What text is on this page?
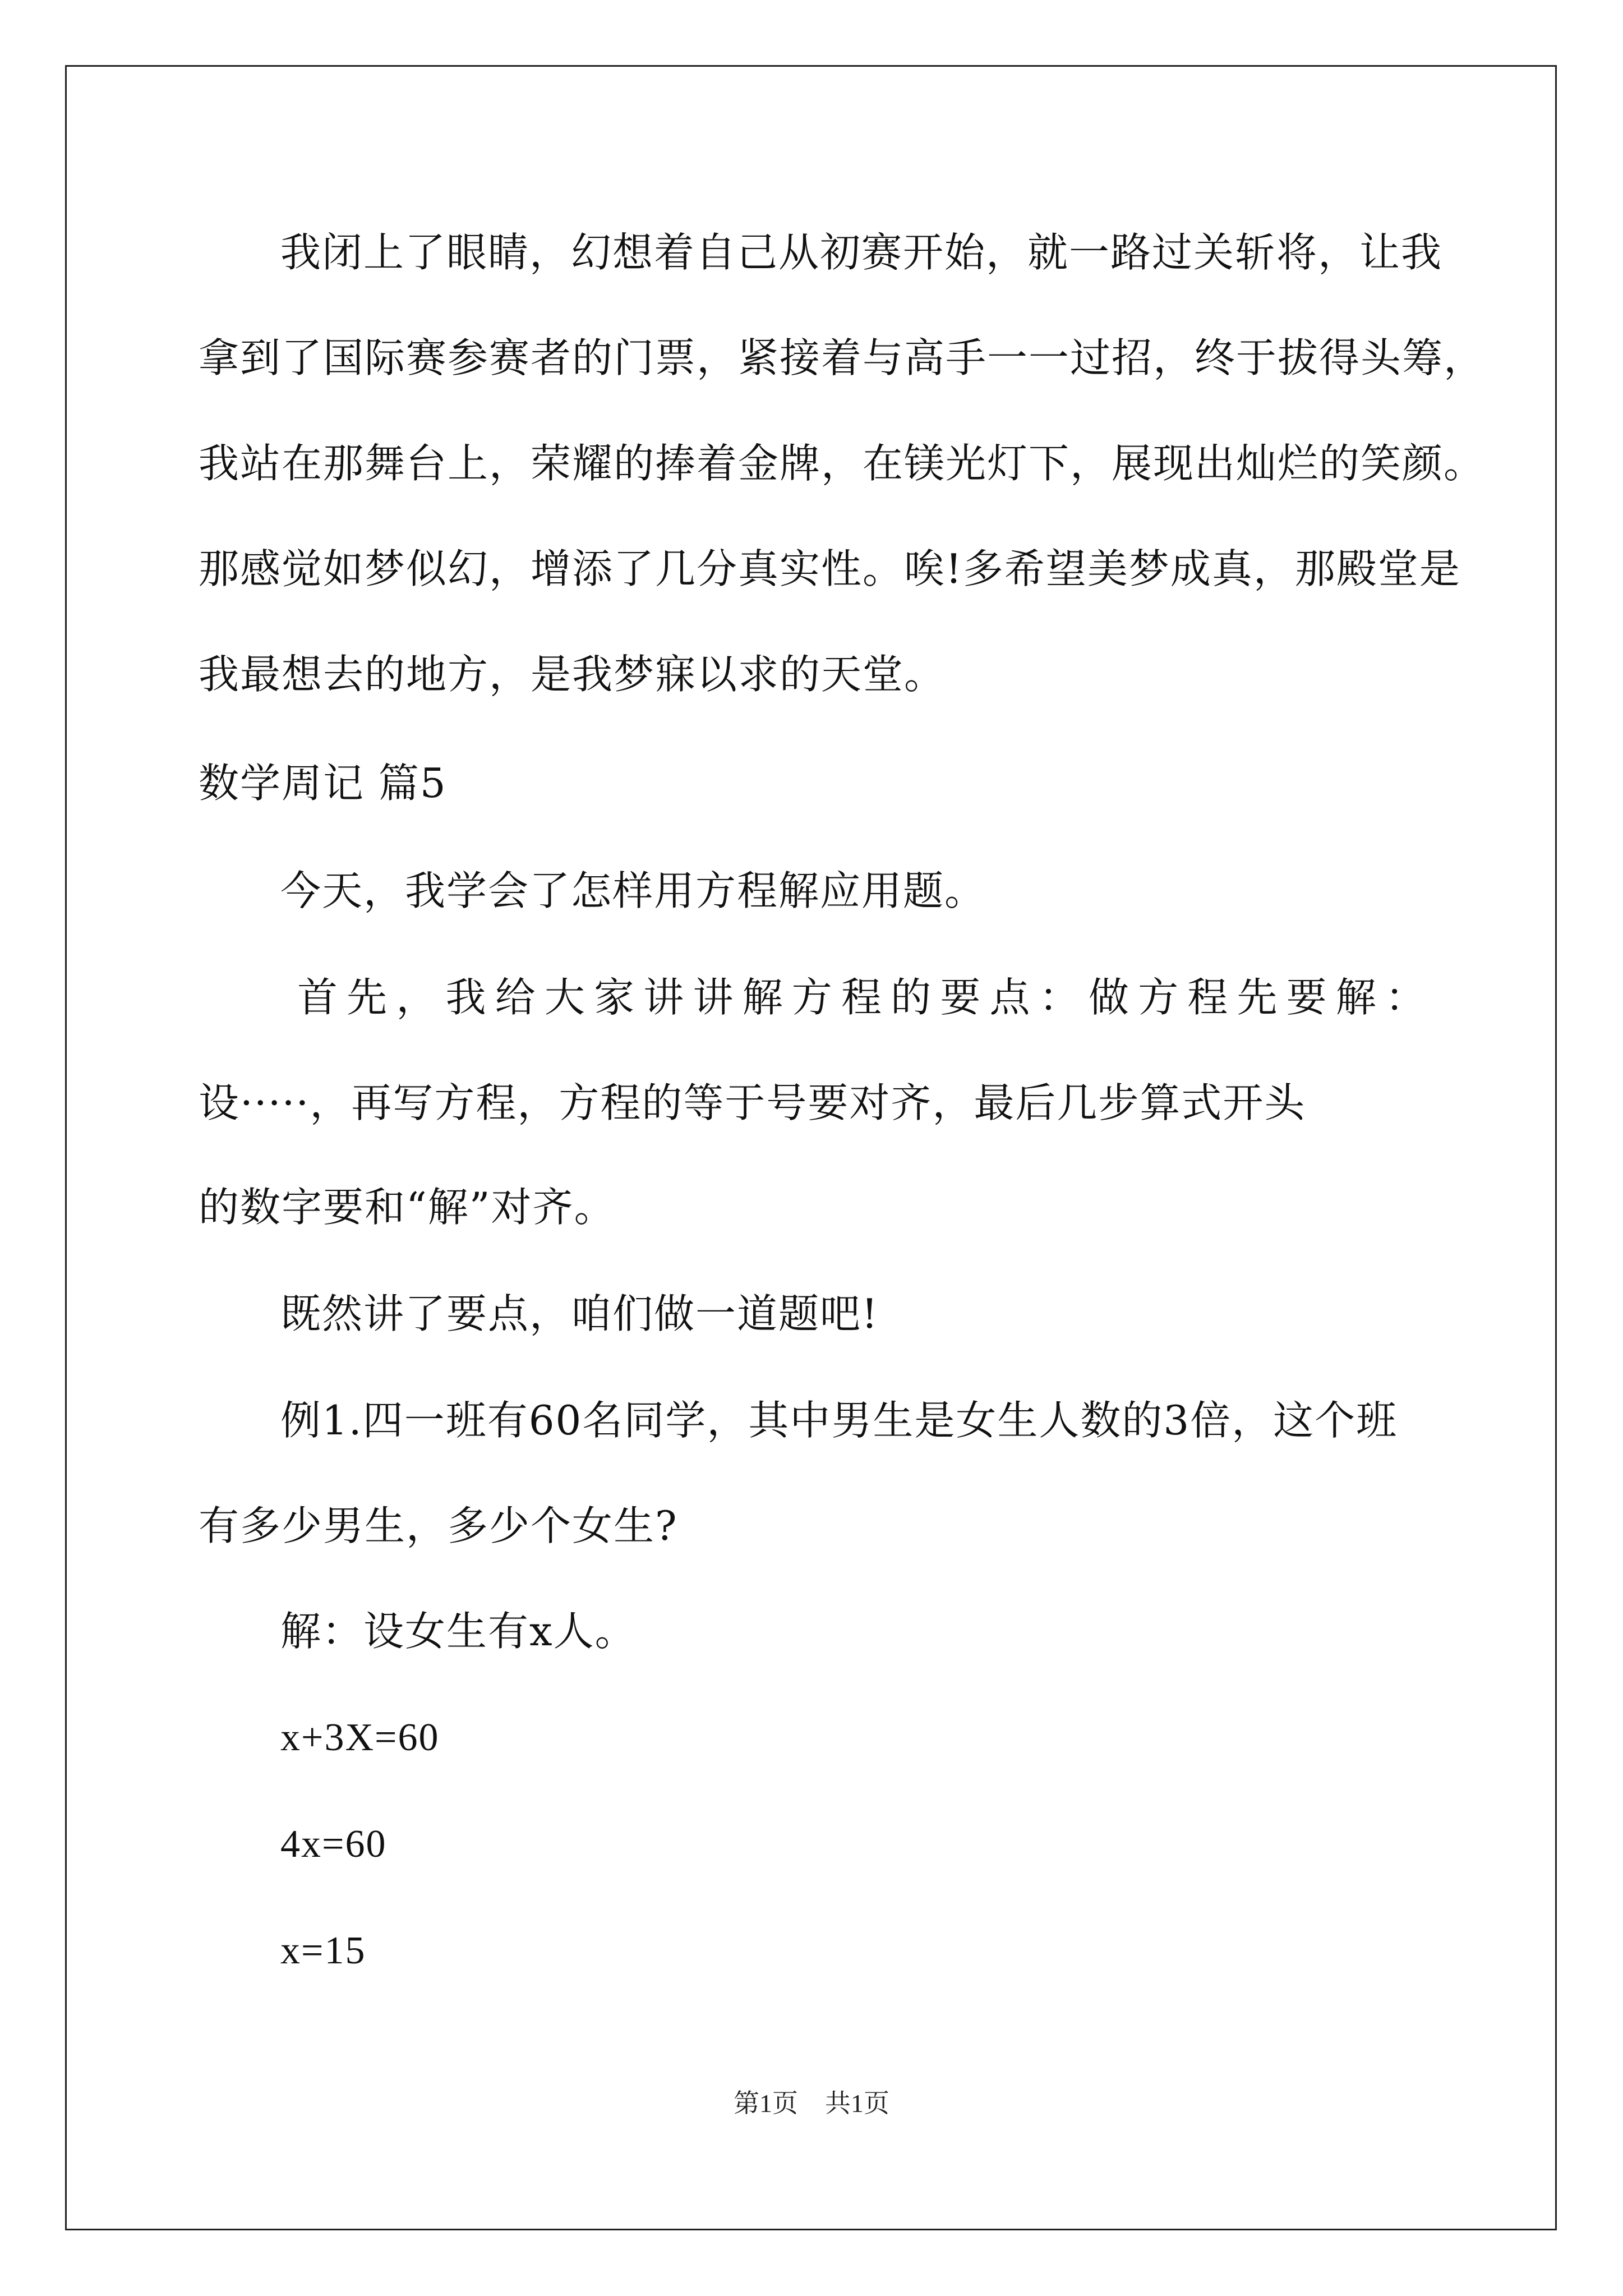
我闭上了眼睛，幻想着自己从初赛开始，就一路过关斩将，让我
拿到了国际赛参赛者的门票，紧接着与高手一一过招，终于拔得头筹，
我站在那舞台上，荣耀的捧着金牌，在镁光灯下，展现出灿烂的笑颜。
那感觉如梦似幻，增添了几分真实性。唉!多希望美梦成真，那殿堂是
我最想去的地方，是我梦寐以求的天堂。
数学周记 篇5
今天，我学会了怎样用方程解应用题。
首先，我给大家讲讲解方程的要点：做方程先要解：
设·····，再写方程，方程的等于号要对齐，最后几步算式开头
的数字要和“解”对齐。
既然讲了要点，咱们做一道题吧!
例1.四一班有60名同学，其中男生是女生人数的3倍，这个班
有多少男生，多少个女生?
解：设女生有x人。
x+3X=60
4x=60
x=15
第1页 共1页
